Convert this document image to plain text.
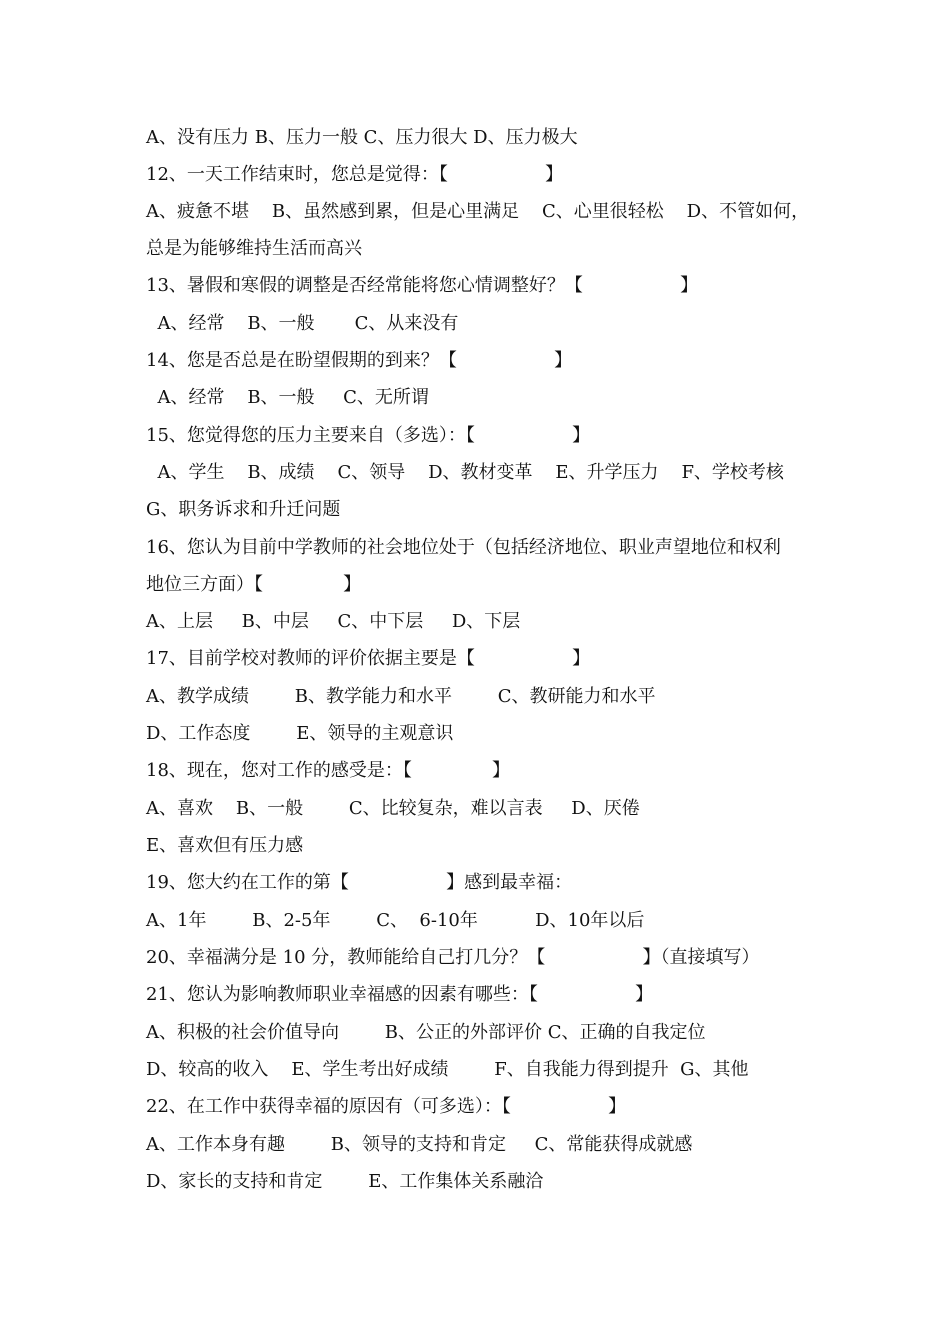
A、没有压力 B、压力一般 C、压力很大 D、压力极大
12、一天工作结束时，您总是觉得：【                 】
A、疲惫不堪    B、虽然感到累，但是心里满足    C、心里很轻松    D、不管如何，
总是为能够维持生活而高兴
13、暑假和寒假的调整是否经常能将您心情调整好？【                 】
A、经常    B、一般       C、从来没有
14、您是否总是在盼望假期的到来？【                 】
A、经常    B、一般     C、无所谓
15、您觉得您的压力主要来自（多选）：【                 】
A、学生    B、成绩    C、领导    D、教材变革    E、升学压力    F、学校考核
G、职务诉求和升迁问题
16、您认为目前中学教师的社会地位处于（包括经济地位、职业声望地位和权利
地位三方面）【              】
A、上层     B、中层     C、中下层     D、下层
17、目前学校对教师的评价依据主要是【                 】
A、教学成绩        B、教学能力和水平        C、教研能力和水平
D、工作态度        E、领导的主观意识
18、现在，您对工作的感受是：【              】
A、喜欢    B、一般        C、比较复杂，难以言表     D、厌倦
E、喜欢但有压力感
19、您大约在工作的第【                 】感到最幸福：
A、1年        B、2-5年        C、  6-10年          D、10年以后
20、幸福满分是 10 分，教师能给自己打几分？【                 】（直接填写）
21、您认为影响教师职业幸福感的因素有哪些：【                 】
A、积极的社会价值导向        B、公正的外部评价 C、正确的自我定位
D、较高的收入    E、学生考出好成绩        F、自我能力得到提升  G、其他
22、在工作中获得幸福的原因有（可多选）：【                 】
A、工作本身有趣        B、领导的支持和肯定     C、常能获得成就感
D、家长的支持和肯定        E、工作集体关系融洽
